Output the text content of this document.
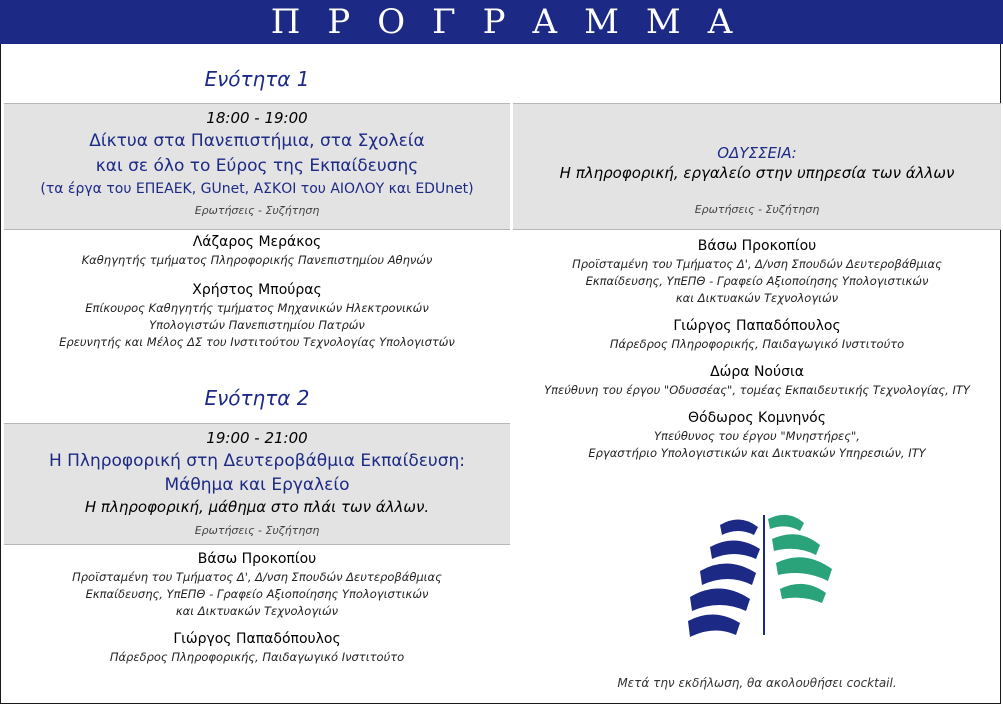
ΠΡΟΓΡΑΜΜΑ
Ενότητα 1
18:00 - 19:00
Δίκτυα στα Πανεπιστήμια, στα Σχολεία
και σε όλο το Εύρος της Εκπαίδευσης
(τα έργα του ΕΠΕΑΕΚ, GUnet, ΑΣΚΟΙ του ΑΙΟΛΟΥ και EDUnet)
Ερωτήσεις - Συζήτηση
Λάζαρος Μεράκος
Καθηγητής τμήματος Πληροφορικής Πανεπιστημίου Αθηνών
Χρήστος Μπούρας
Επίκουρος Καθηγητής τμήματος Μηχανικών Ηλεκτρονικών
Υπολογιστών Πανεπιστημίου Πατρών
Ερευνητής και Μέλος ΔΣ του Ινστιτούτου Τεχνολογίας Υπολογιστών
Ενότητα 2
19:00 - 21:00
Η Πληροφορική στη Δευτεροβάθμια Εκπαίδευση:
Μάθημα και Εργαλείο
Η πληροφορική, μάθημα στο πλάι των άλλων.
Ερωτήσεις - Συζήτηση
Βάσω Προκοπίου
Προϊσταμένη του Τμήματος Δ', Δ/νση Σπουδών Δευτεροβάθμιας
Εκπαίδευσης, ΥπΕΠΘ - Γραφείο Αξιοποίησης Υπολογιστικών
και Δικτυακών Τεχνολογιών
Γιώργος Παπαδόπουλος
Πάρεδρος Πληροφορικής, Παιδαγωγικό Ινστιτούτο
ΟΔΥΣΣΕΙΑ:
Η πληροφορική, εργαλείο στην υπηρεσία των άλλων
Ερωτήσεις - Συζήτηση
Βάσω Προκοπίου
Προϊσταμένη του Τμήματος Δ', Δ/νση Σπουδών Δευτεροβάθμιας
Εκπαίδευσης, ΥπΕΠΘ - Γραφείο Αξιοποίησης Υπολογιστικών
και Δικτυακών Τεχνολογιών
Γιώργος Παπαδόπουλος
Πάρεδρος Πληροφορικής, Παιδαγωγικό Ινστιτούτο
Δώρα Νούσια
Υπεύθυνη του έργου "Οδυσσέας", τομέας Εκπαιδευτικής Τεχνολογίας, ΙΤΥ
Θόδωρος Κομνηνός
Υπεύθυνος του έργου "Μνηστήρες",
Εργαστήριο Υπολογιστικών και Δικτυακών Υπηρεσιών, ΙΤΥ
Μετά την εκδήλωση, θα ακολουθήσει cocktail.
